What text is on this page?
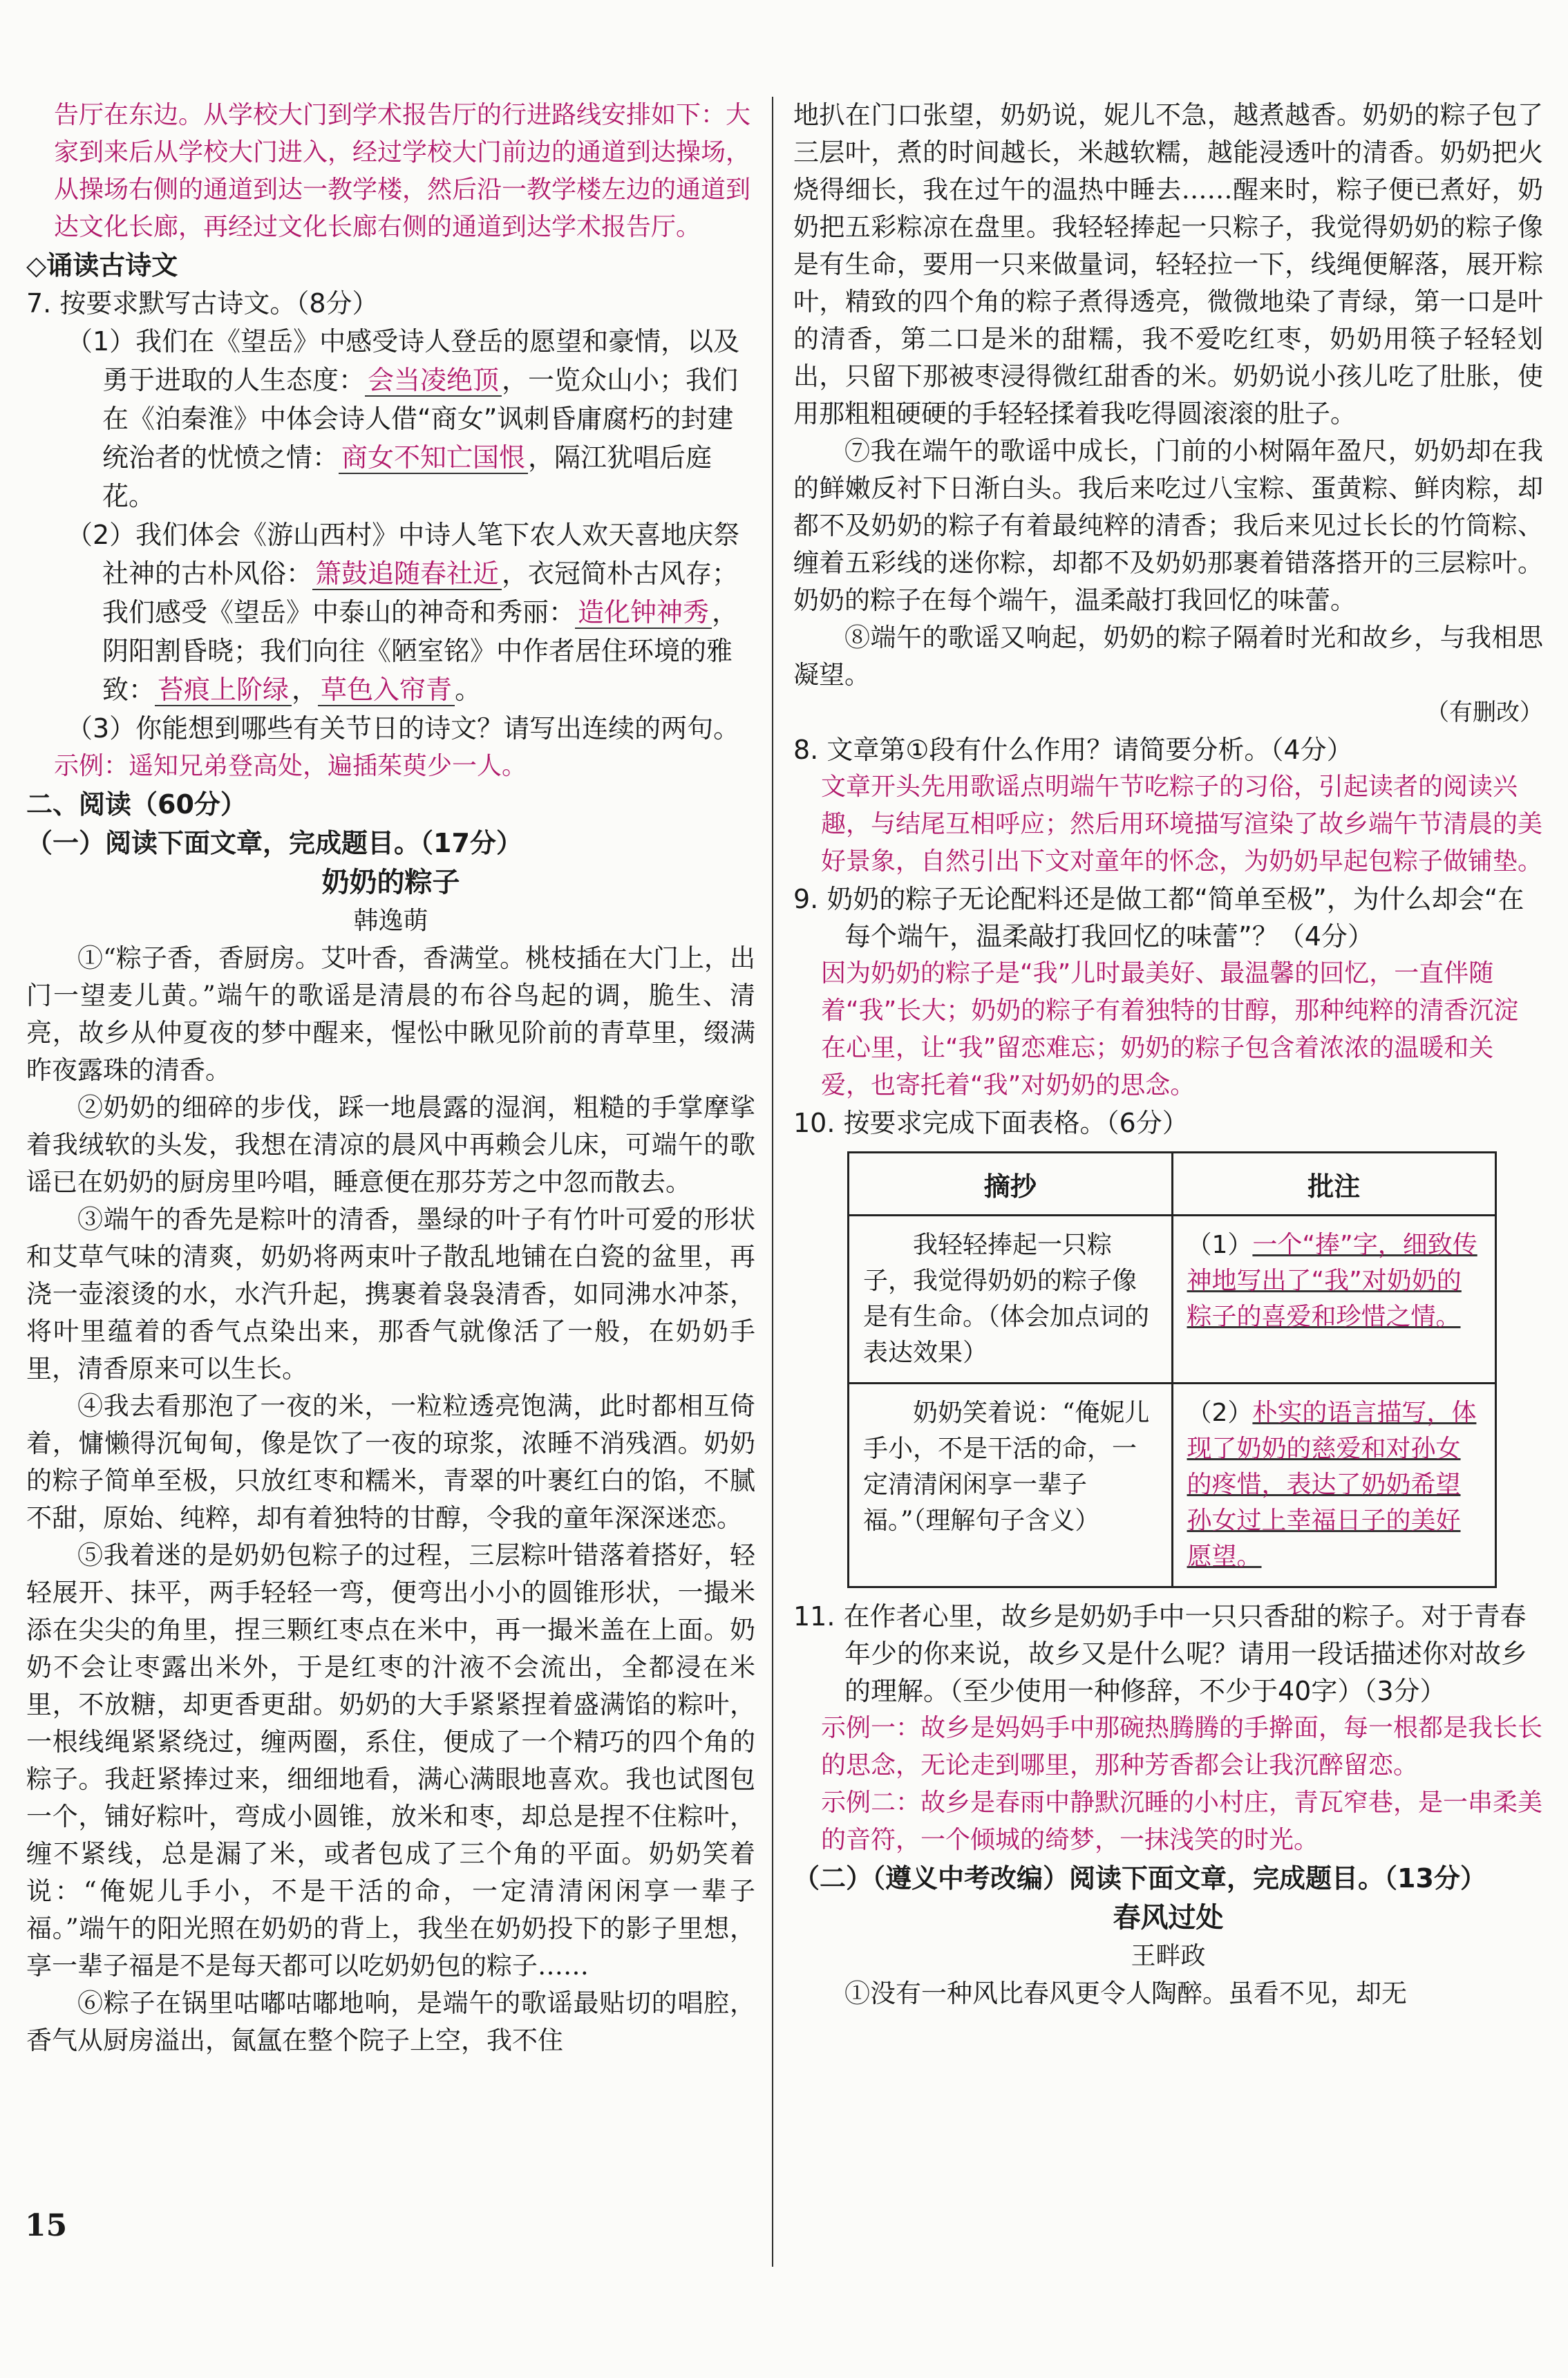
告厅在东边。从学校大门到学术报告厅的行进路线安排如下：大家到来后从学校大门进入，经过学校大门前边的通道到达操场，从操场右侧的通道到达一教学楼，然后沿一教学楼左边的通道到达文化长廊，再经过文化长廊右侧的通道到达学术报告厅。
◇诵读古诗文
7. 按要求默写古诗文。（8分）
（1）我们在《望岳》中感受诗人登岳的愿望和豪情，以及勇于进取的人生态度： 会当凌绝顶 ，一览众山小；我们在《泊秦淮》中体会诗人借“商女”讽刺昏庸腐朽的封建统治者的忧愤之情： 商女不知亡国恨 ，隔江犹唱后庭花。
（2）我们体会《游山西村》中诗人笔下农人欢天喜地庆祭社神的古朴风俗： 箫鼓追随春社近 ，衣冠简朴古风存；我们感受《望岳》中泰山的神奇和秀丽： 造化钟神秀 ，阴阳割昏晓；我们向往《陋室铭》中作者居住环境的雅致： 苔痕上阶绿 ， 草色入帘青 。
（3）你能想到哪些有关节日的诗文？请写出连续的两句。
示例：遥知兄弟登高处，遍插茱萸少一人。
二、阅读（60分）
（一）阅读下面文章，完成题目。（17分）
奶奶的粽子
韩逸萌

①“粽子香，香厨房。艾叶香，香满堂。桃枝插在大门上，出门一望麦儿黄。”端午的歌谣是清晨的布谷鸟起的调，脆生、清亮，故乡从仲夏夜的梦中醒来，惺忪中瞅见阶前的青草里，缀满昨夜露珠的清香。

②奶奶的细碎的步伐，踩一地晨露的湿润，粗糙的手掌摩挲着我绒软的头发，我想在清凉的晨风中再赖会儿床，可端午的歌谣已在奶奶的厨房里吟唱，睡意便在那芬芳之中忽而散去。

③端午的香先是粽叶的清香，墨绿的叶子有竹叶可爱的形状和艾草气味的清爽，奶奶将两束叶子散乱地铺在白瓷的盆里，再浇一壶滚烫的水，水汽升起，携裹着袅袅清香，如同沸水冲茶，将叶里蕴着的香气点染出来，那香气就像活了一般，在奶奶手里，清香原来可以生长。

④我去看那泡了一夜的米，一粒粒透亮饱满，此时都相互倚着，慵懒得沉甸甸，像是饮了一夜的琼浆，浓睡不消残酒。奶奶的粽子简单至极，只放红枣和糯米，青翠的叶裹红白的馅，不腻不甜，原始、纯粹，却有着独特的甘醇，令我的童年深深迷恋。

⑤我着迷的是奶奶包粽子的过程，三层粽叶错落着搭好，轻轻展开、抹平，两手轻轻一弯，便弯出小小的圆锥形状，一撮米添在尖尖的角里，捏三颗红枣点在米中，再一撮米盖在上面。奶奶不会让枣露出米外，于是红枣的汁液不会流出，全都浸在米里，不放糖，却更香更甜。奶奶的大手紧紧捏着盛满馅的粽叶，一根线绳紧紧绕过，缠两圈，系住，便成了一个精巧的四个角的粽子。我赶紧捧过来，细细地看，满心满眼地喜欢。我也试图包一个，铺好粽叶，弯成小圆锥，放米和枣，却总是捏不住粽叶，缠不紧线，总是漏了米，或者包成了三个角的平面。奶奶笑着说：“俺妮儿手小，不是干活的命，一定清清闲闲享一辈子福。”端午的阳光照在奶奶的背上，我坐在奶奶投下的影子里想，享一辈子福是不是每天都可以吃奶奶包的粽子……

⑥粽子在锅里咕嘟咕嘟地响，是端午的歌谣最贴切的唱腔，香气从厨房溢出，氤氲在整个院子上空，我不住

地扒在门口张望，奶奶说，妮儿不急，越煮越香。奶奶的粽子包了三层叶，煮的时间越长，米越软糯，越能浸透叶的清香。奶奶把火烧得细长，我在过午的温热中睡去……醒来时，粽子便已煮好，奶奶把五彩粽凉在盘里。我轻轻捧起一只粽子，我觉得奶奶的粽子像是有生命，要用一只来做量词，轻轻拉一下，线绳便解落，展开粽叶，精致的四个角的粽子煮得透亮，微微地染了青绿，第一口是叶的清香，第二口是米的甜糯，我不爱吃红枣，奶奶用筷子轻轻划出，只留下那被枣浸得微红甜香的米。奶奶说小孩儿吃了肚胀，使用那粗粗硬硬的手轻轻揉着我吃得圆滚滚的肚子。

⑦我在端午的歌谣中成长，门前的小树隔年盈尺，奶奶却在我的鲜嫩反衬下日渐白头。我后来吃过八宝粽、蛋黄粽、鲜肉粽，却都不及奶奶的粽子有着最纯粹的清香；我后来见过长长的竹筒粽、缠着五彩线的迷你粽，却都不及奶奶那裹着错落搭开的三层粽叶。奶奶的粽子在每个端午，温柔敲打我回忆的味蕾。

⑧端午的歌谣又响起，奶奶的粽子隔着时光和故乡，与我相思凝望。

（有删改）
8. 文章第①段有什么作用？请简要分析。（4分）
文章开头先用歌谣点明端午节吃粽子的习俗，引起读者的阅读兴趣，与结尾互相呼应；然后用环境描写渲染了故乡端午节清晨的美好景象，自然引出下文对童年的怀念，为奶奶早起包粽子做铺垫。
9. 奶奶的粽子无论配料还是做工都“简单至极”，为什么却会“在每个端午，温柔敲打我回忆的味蕾”？（4分）
因为奶奶的粽子是“我”儿时最美好、最温馨的回忆，一直伴随着“我”长大；奶奶的粽子有着独特的甘醇，那种纯粹的清香沉淀在心里，让“我”留恋难忘；奶奶的粽子包含着浓浓的温暖和关爱，也寄托着“我”对奶奶的思念。
10. 按要求完成下面表格。（6分）
摘抄	批注
我轻轻捧起一只粽子，我觉得奶奶的粽子像是有生命。（体会加点词的表达效果）	（1）一个“捧”字，细致传神地写出了“我”对奶奶的粽子的喜爱和珍惜之情。
奶奶笑着说：“俺妮儿手小，不是干活的命，一定清清闲闲享一辈子福。”（理解句子含义）	（2）朴实的语言描写，体现了奶奶的慈爱和对孙女的疼惜，表达了奶奶希望孙女过上幸福日子的美好愿望。
11. 在作者心里，故乡是奶奶手中一只只香甜的粽子。对于青春年少的你来说，故乡又是什么呢？请用一段话描述你对故乡的理解。（至少使用一种修辞，不少于40字）（3分）
示例一：故乡是妈妈手中那碗热腾腾的手擀面，每一根都是我长长的思念，无论走到哪里，那种芳香都会让我沉醉留恋。
示例二：故乡是春雨中静默沉睡的小村庄，青瓦窄巷，是一串柔美的音符，一个倾城的绮梦，一抹浅笑的时光。
（二）（遵义中考改编）阅读下面文章，完成题目。（13分）
春风过处
王畔政

①没有一种风比春风更令人陶醉。虽看不见，却无

15
